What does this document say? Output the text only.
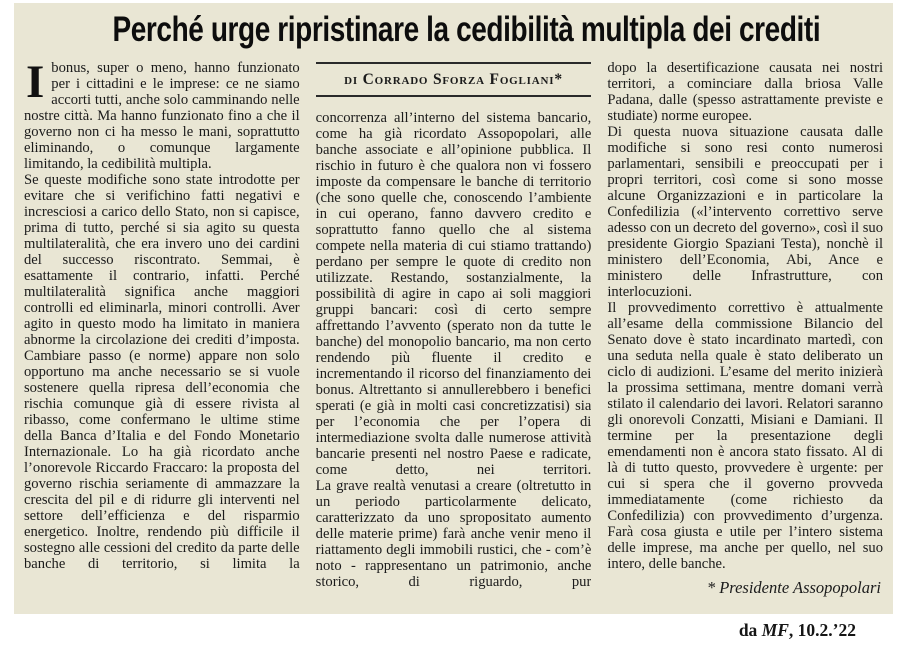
Perché urge ripristinare la cedibilità multipla dei crediti

Ibonus, super o meno, hanno funzionato per i cittadini e le imprese: ce ne siamo accorti tutti, anche solo camminando nelle nostre città. Ma hanno funzionato fino a che il governo non ci ha messo le mani, soprattutto eliminando, o comunque largamente limitando, la cedibilità multipla.

Se queste modifiche sono state introdotte per evitare che si verifichino fatti negativi e incresciosi a carico dello Stato, non si capisce, prima di tutto, perché si sia agito su questa multilateralità, che era invero uno dei cardini del successo riscontrato. Semmai, è esattamente il contrario, infatti. Perché multilateralità significa anche maggiori controlli ed eliminarla, minori controlli. Aver agito in questo modo ha limitato in maniera abnorme la circolazione dei crediti d’imposta. Cambiare passo (e norme) appare non solo opportuno ma anche necessario se si vuole sostenere quella ripresa dell’economia che rischia comunque già di essere rivista al ribasso, come confermano le ultime stime della Banca d’Italia e del Fondo Monetario Internazionale. Lo ha già ricordato anche l’onorevole Riccardo Fraccaro: la proposta del governo rischia seriamente di ammazzare la crescita del pil e di ridurre gli interventi nel settore dell’efficienza e del risparmio energetico. Inoltre, rendendo più difficile il sostegno alle cessioni del credito da parte delle banche di territorio, si limita la

di Corrado Sforza Fogliani*

concorrenza all’interno del sistema bancario, come ha già ricordato Assopopolari, alle banche associate e all’opinione pubblica. Il rischio in futuro è che qualora non vi fossero imposte da compensare le banche di territorio (che sono quelle che, conoscendo l’ambiente in cui operano, fanno davvero credito e soprattutto fanno quello che al sistema compete nella materia di cui stiamo trattando) perdano per sempre le quote di credito non utilizzate. Restando, sostanzialmente, la possibilità di agire in capo ai soli maggiori gruppi bancari: così di certo sempre affrettando l’avvento (sperato non da tutte le banche) del monopolio bancario, ma non certo rendendo più fluente il credito e incrementando il ricorso del finanziamento dei bonus. Altrettanto si annullerebbero i benefici sperati (e già in molti casi concretizzatisi) sia per l’economia che per l’opera di intermediazione svolta dalle numerose attività bancarie presenti nel nostro Paese e radicate, come detto, nei territori.

La grave realtà venutasi a creare (oltretutto in un periodo particolarmente delicato, caratterizzato da uno spropositato aumento delle materie prime) farà anche venir meno il riattamento degli immobili rustici, che - com’è noto - rappresentano un patrimonio, anche storico, di riguardo, pur

dopo la desertificazione causata nei nostri territori, a cominciare dalla briosa Valle Padana, dalle (spesso astrattamente previste e studiate) norme europee.

Di questa nuova situazione causata dalle modifiche si sono resi conto numerosi parlamentari, sensibili e preoccupati per i propri territori, così come si sono mosse alcune Organizzazioni e in particolare la Confedilizia («l’intervento correttivo serve adesso con un decreto del governo», così il suo presidente Giorgio Spaziani Testa), nonchè il ministero dell’Economia, Abi, Ance e ministero delle Infrastrutture, con interlocuzioni.

Il provvedimento correttivo è attualmente all’esame della commissione Bilancio del Senato dove è stato incardinato martedì, con una seduta nella quale è stato deliberato un ciclo di audizioni. L’esame del merito inizierà la prossima settimana, mentre domani verrà stilato il calendario dei lavori. Relatori saranno gli onorevoli Conzatti, Misiani e Damiani. Il termine per la presentazione degli emendamenti non è ancora stato fissato. Al di là di tutto questo, provvedere è urgente: per cui si spera che il governo provveda immediatamente (come richiesto da Confedilizia) con provvedimento d’urgenza. Farà cosa giusta e utile per l’intero sistema delle imprese, ma anche per quello, nel suo intero, delle banche.

* Presidente Assopopolari
da MF, 10.2.’22
